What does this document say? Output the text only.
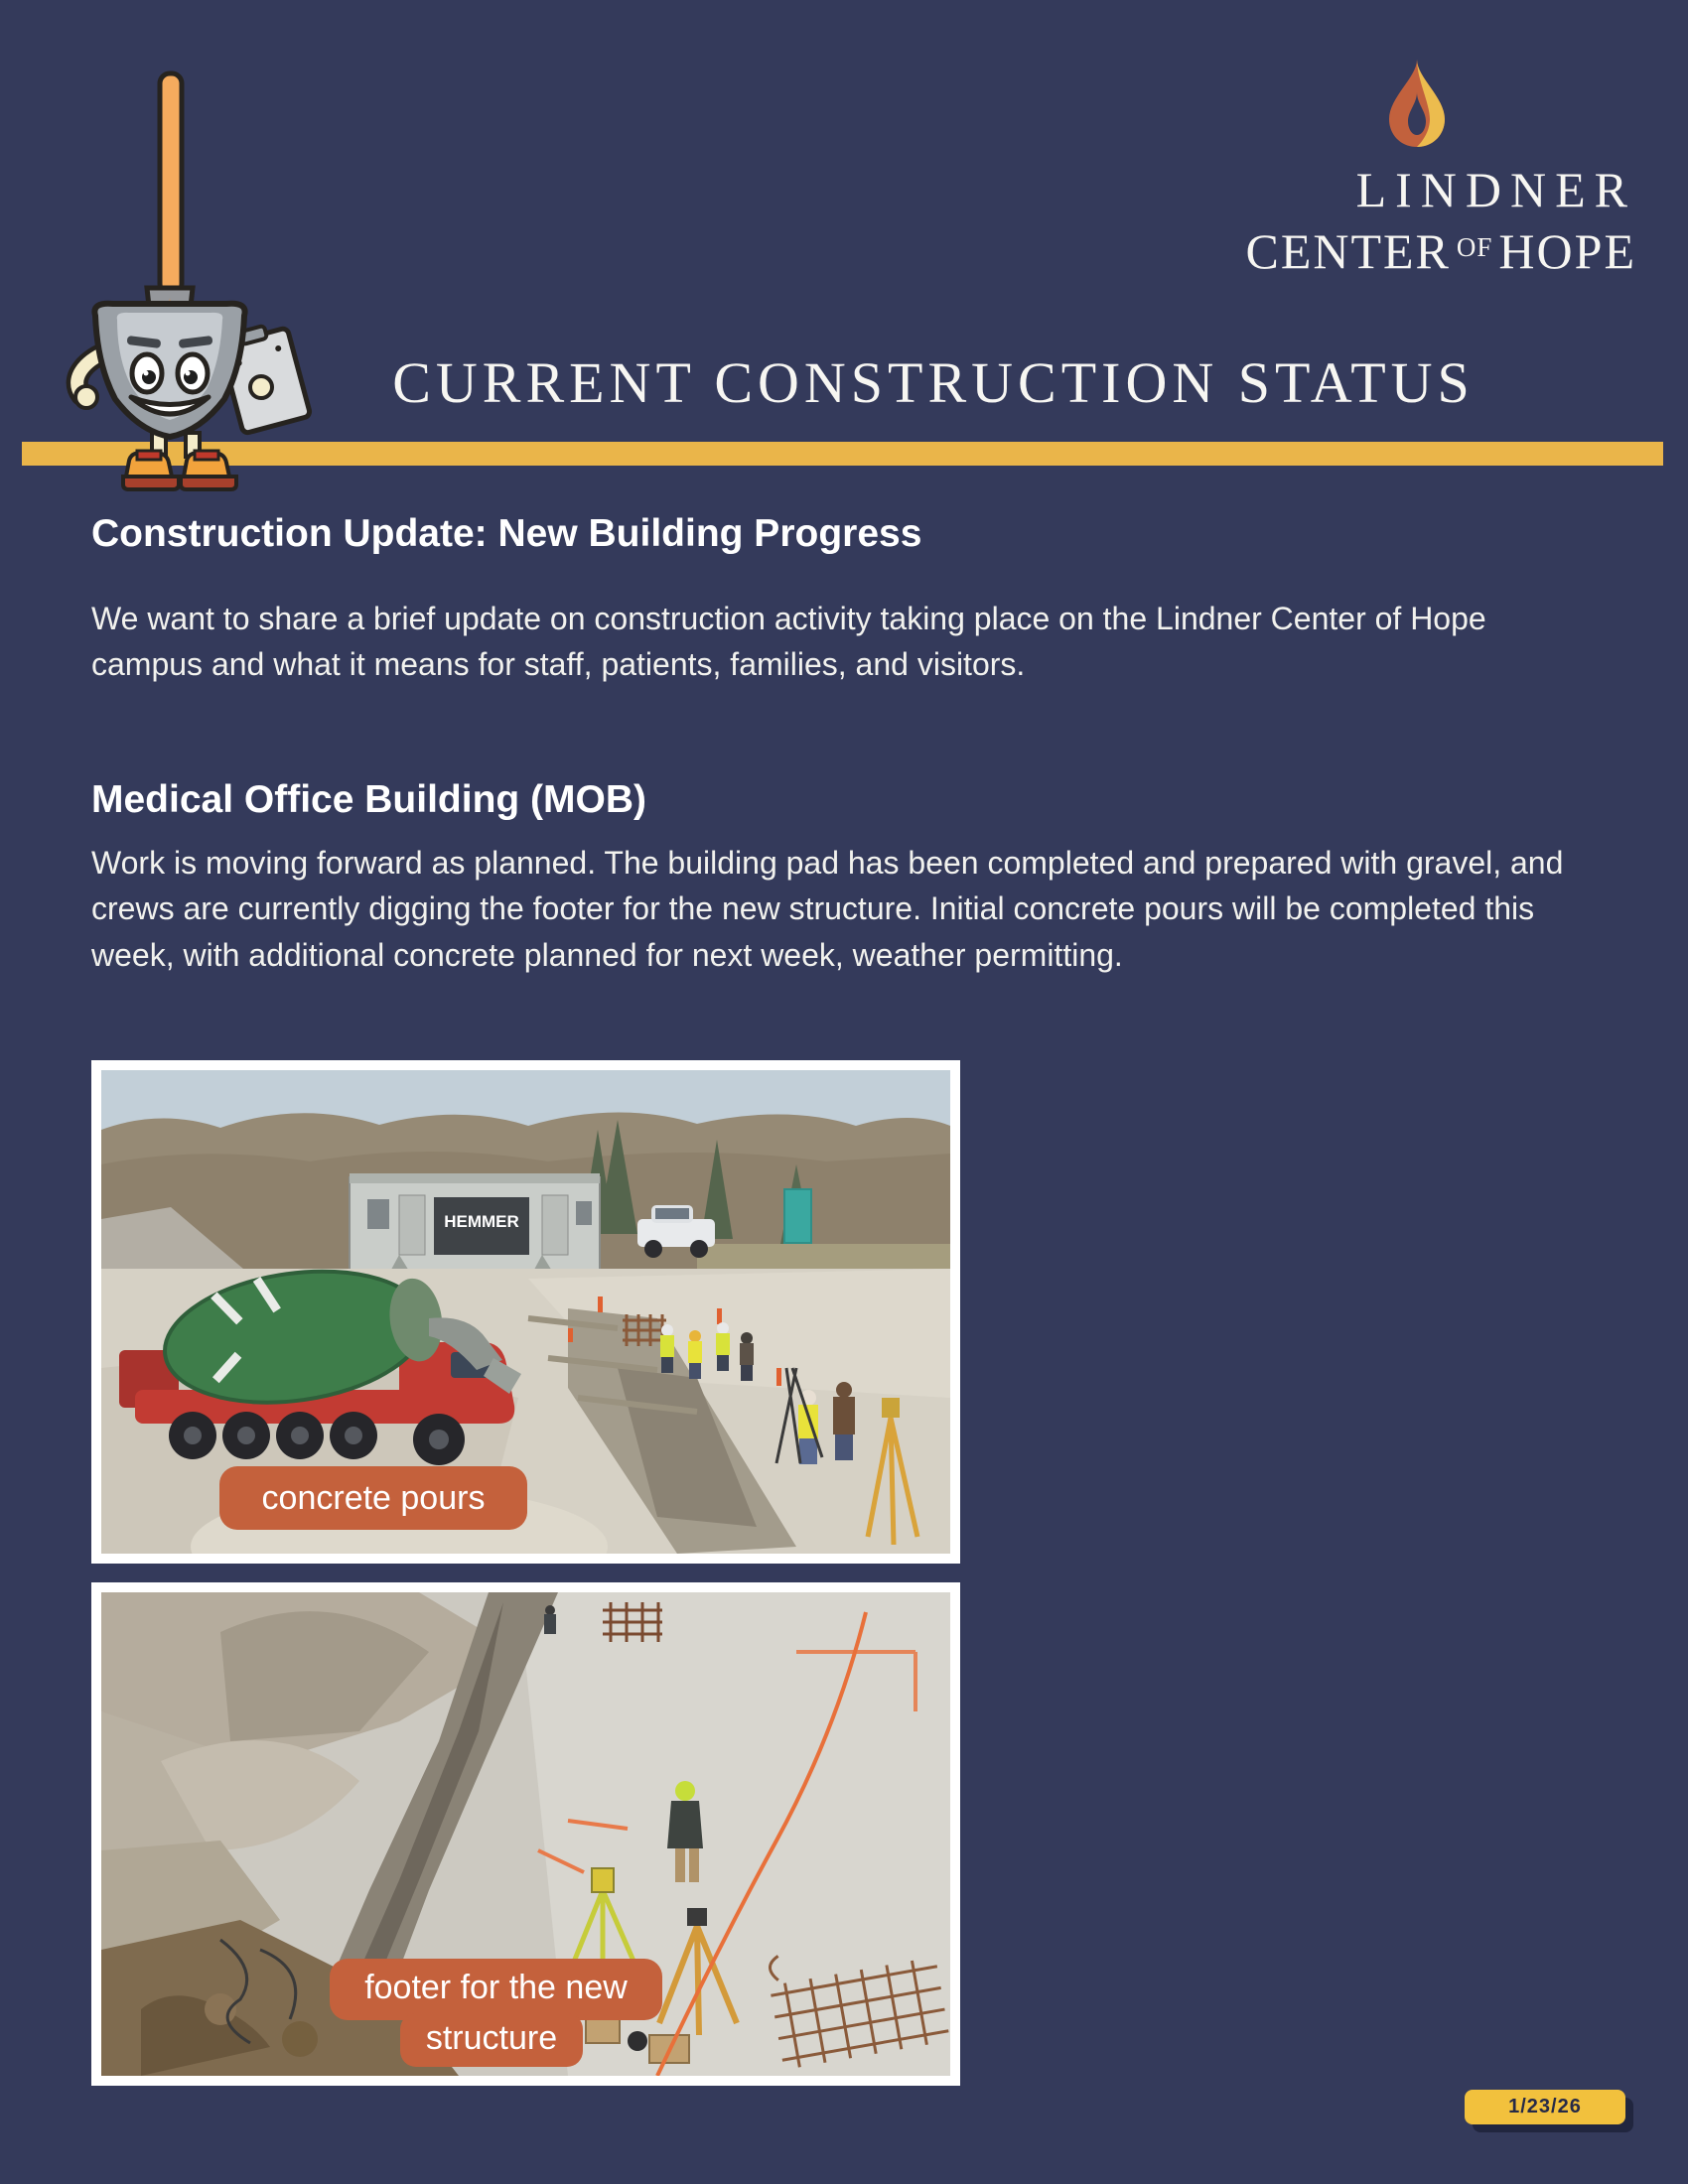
LINDNER
CENTER $^{OF}$ HOPE
CURRENT CONSTRUCTION STATUS
Construction Update: New Building Progress
We want to share a brief update on construction activity taking place on the Lindner Center of Hope campus and what it means for staff, patients, families, and visitors.
Medical Office Building (MOB)
Work is moving forward as planned. The building pad has been completed and prepared with gravel, and crews are currently digging the footer for the new structure. Initial concrete pours will be completed this week, with additional concrete planned for next week, weather permitting.
HEMMER
concrete pours
footer for the new
structure
1/23/26
